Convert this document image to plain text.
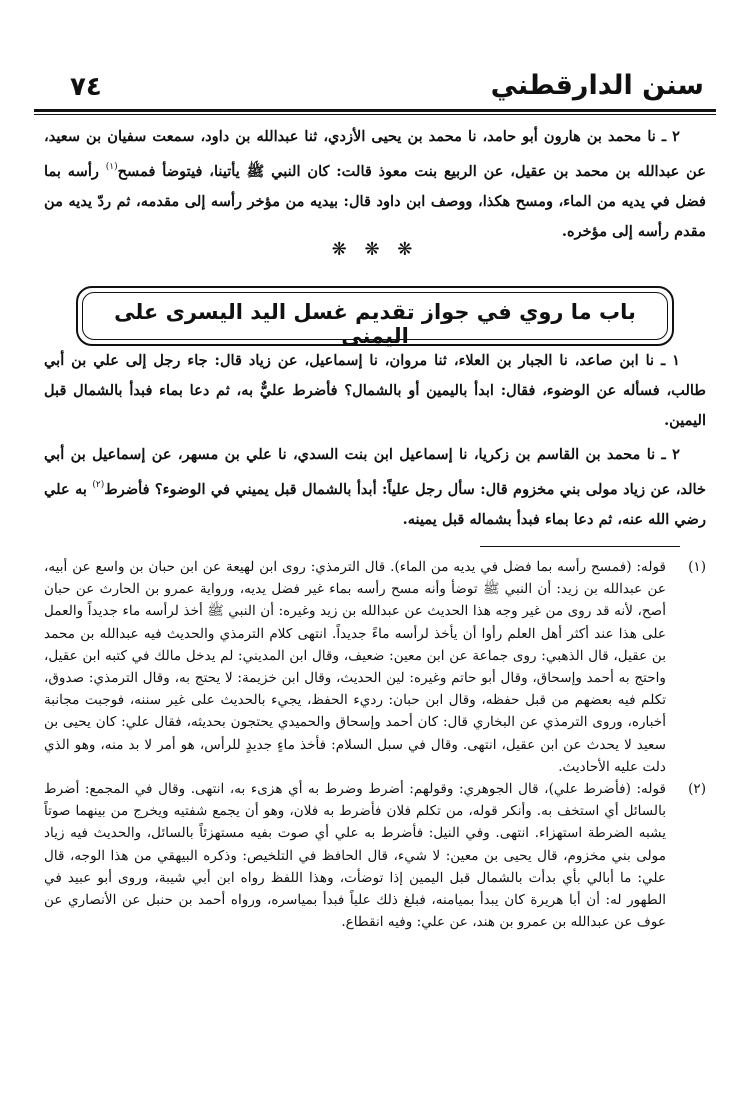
٧٤	سنن الدارقطني

٢ ـ نا محمد بن هارون أبو حامد، نا محمد بن يحيى الأزدي، ثنا عبدالله بن داود، سمعت سفيان بن سعيد، عن عبدالله بن محمد بن عقيل، عن الربيع بنت معوذ قالت: كان النبي ﷺ يأتينا، فيتوضأ فمسح$^{(١)}$ رأسه بما فضل في يديه من الماء، ومسح هكذا، ووصف ابن داود قال: بيديه من مؤخر رأسه إلى مقدمه، ثم ردّ يديه من مقدم رأسه إلى مؤخره.

❋ ❋ ❋
باب ما روي في جواز تقديم غسل اليد اليسرى على اليمنى

١ ـ نا ابن صاعد، نا الجبار بن العلاء، ثنا مروان، نا إسماعيل، عن زياد قال: جاء رجل إلى علي بن أبي طالب، فسأله عن الوضوء، فقال: ابدأ باليمين أو بالشمال؟ فأضرط عليٌّ به، ثم دعا بماء فبدأ بالشمال قبل اليمين.

٢ ـ نا محمد بن القاسم بن زكريا، نا إسماعيل ابن بنت السدي، نا علي بن مسهر، عن إسماعيل بن أبي خالد، عن زياد مولى بني مخزوم قال: سأل رجل علياً: أبدأ بالشمال قبل يميني في الوضوء؟ فأضرط$^{(٢)}$ به علي رضي الله عنه، ثم دعا بماء فبدأ بشماله قبل يمينه.

(١)
قوله: (فمسح رأسه بما فضل في يديه من الماء). قال الترمذي: روى ابن لهيعة عن ابن حبان بن واسع عن أبيه، عن عبدالله بن زيد: أن النبي ﷺ توضأ وأنه مسح رأسه بماء غير فضل يديه، ورواية عمرو بن الحارث عن حبان أصح، لأنه قد روى من غير وجه هذا الحديث عن عبدالله بن زيد وغيره: أن النبي ﷺ أخذ لرأسه ماء جديداً والعمل على هذا عند أكثر أهل العلم رأوا أن يأخذ لرأسه ماءً جديداً. انتهى كلام الترمذي والحديث فيه عبدالله بن محمد بن عقيل، قال الذهبي: روى جماعة عن ابن معين: ضعيف، وقال ابن المديني: لم يدخل مالك في كتبه ابن عقيل، واحتج به أحمد وإسحاق، وقال أبو حاتم وغيره: لين الحديث، وقال ابن خزيمة: لا يحتج به، وقال الترمذي: صدوق، تكلم فيه بعضهم من قبل حفظه، وقال ابن حبان: رديء الحفظ، يجيء بالحديث على غير سننه، فوجبت مجانبة أخباره، وروى الترمذي عن البخاري قال: كان أحمد وإسحاق والحميدي يحتجون بحديثه، فقال علي: كان يحيى بن سعيد لا يحدث عن ابن عقيل، انتهى. وقال في سبل السلام: فأخذ ماءٍ جديدٍ للرأس، هو أمر لا بد منه، وهو الذي دلت عليه الأحاديث.
(٢)
قوله: (فأضرط علي)، قال الجوهري: وقولهم: أضرط وضرط به أي هزىء به، انتهى. وقال في المجمع: أضرط بالسائل أي استخف به. وأنكر قوله، من تكلم فلان فأضرط به فلان، وهو أن يجمع شفتيه ويخرج من بينهما صوتاً يشبه الضرطة استهزاء. انتهى. وفي النيل: فأضرط به علي أي صوت بفيه مستهزئاً بالسائل، والحديث فيه زياد مولى بني مخزوم، قال يحيى بن معين: لا شيء، قال الحافظ في التلخيص: وذكره البيهقي من هذا الوجه، قال علي: ما أبالي بأي بدأت بالشمال قبل اليمين إذا توضأت، وهذا اللفظ رواه ابن أبي شيبة، وروى أبو عبيد في الطهور له: أن أبا هريرة كان يبدأ بميامنه، فبلغ ذلك علياً فبدأ بمياسره، ورواه أحمد بن حنبل عن الأنصاري عن عوف عن عبدالله بن عمرو بن هند، عن علي: وفيه انقطاع.
